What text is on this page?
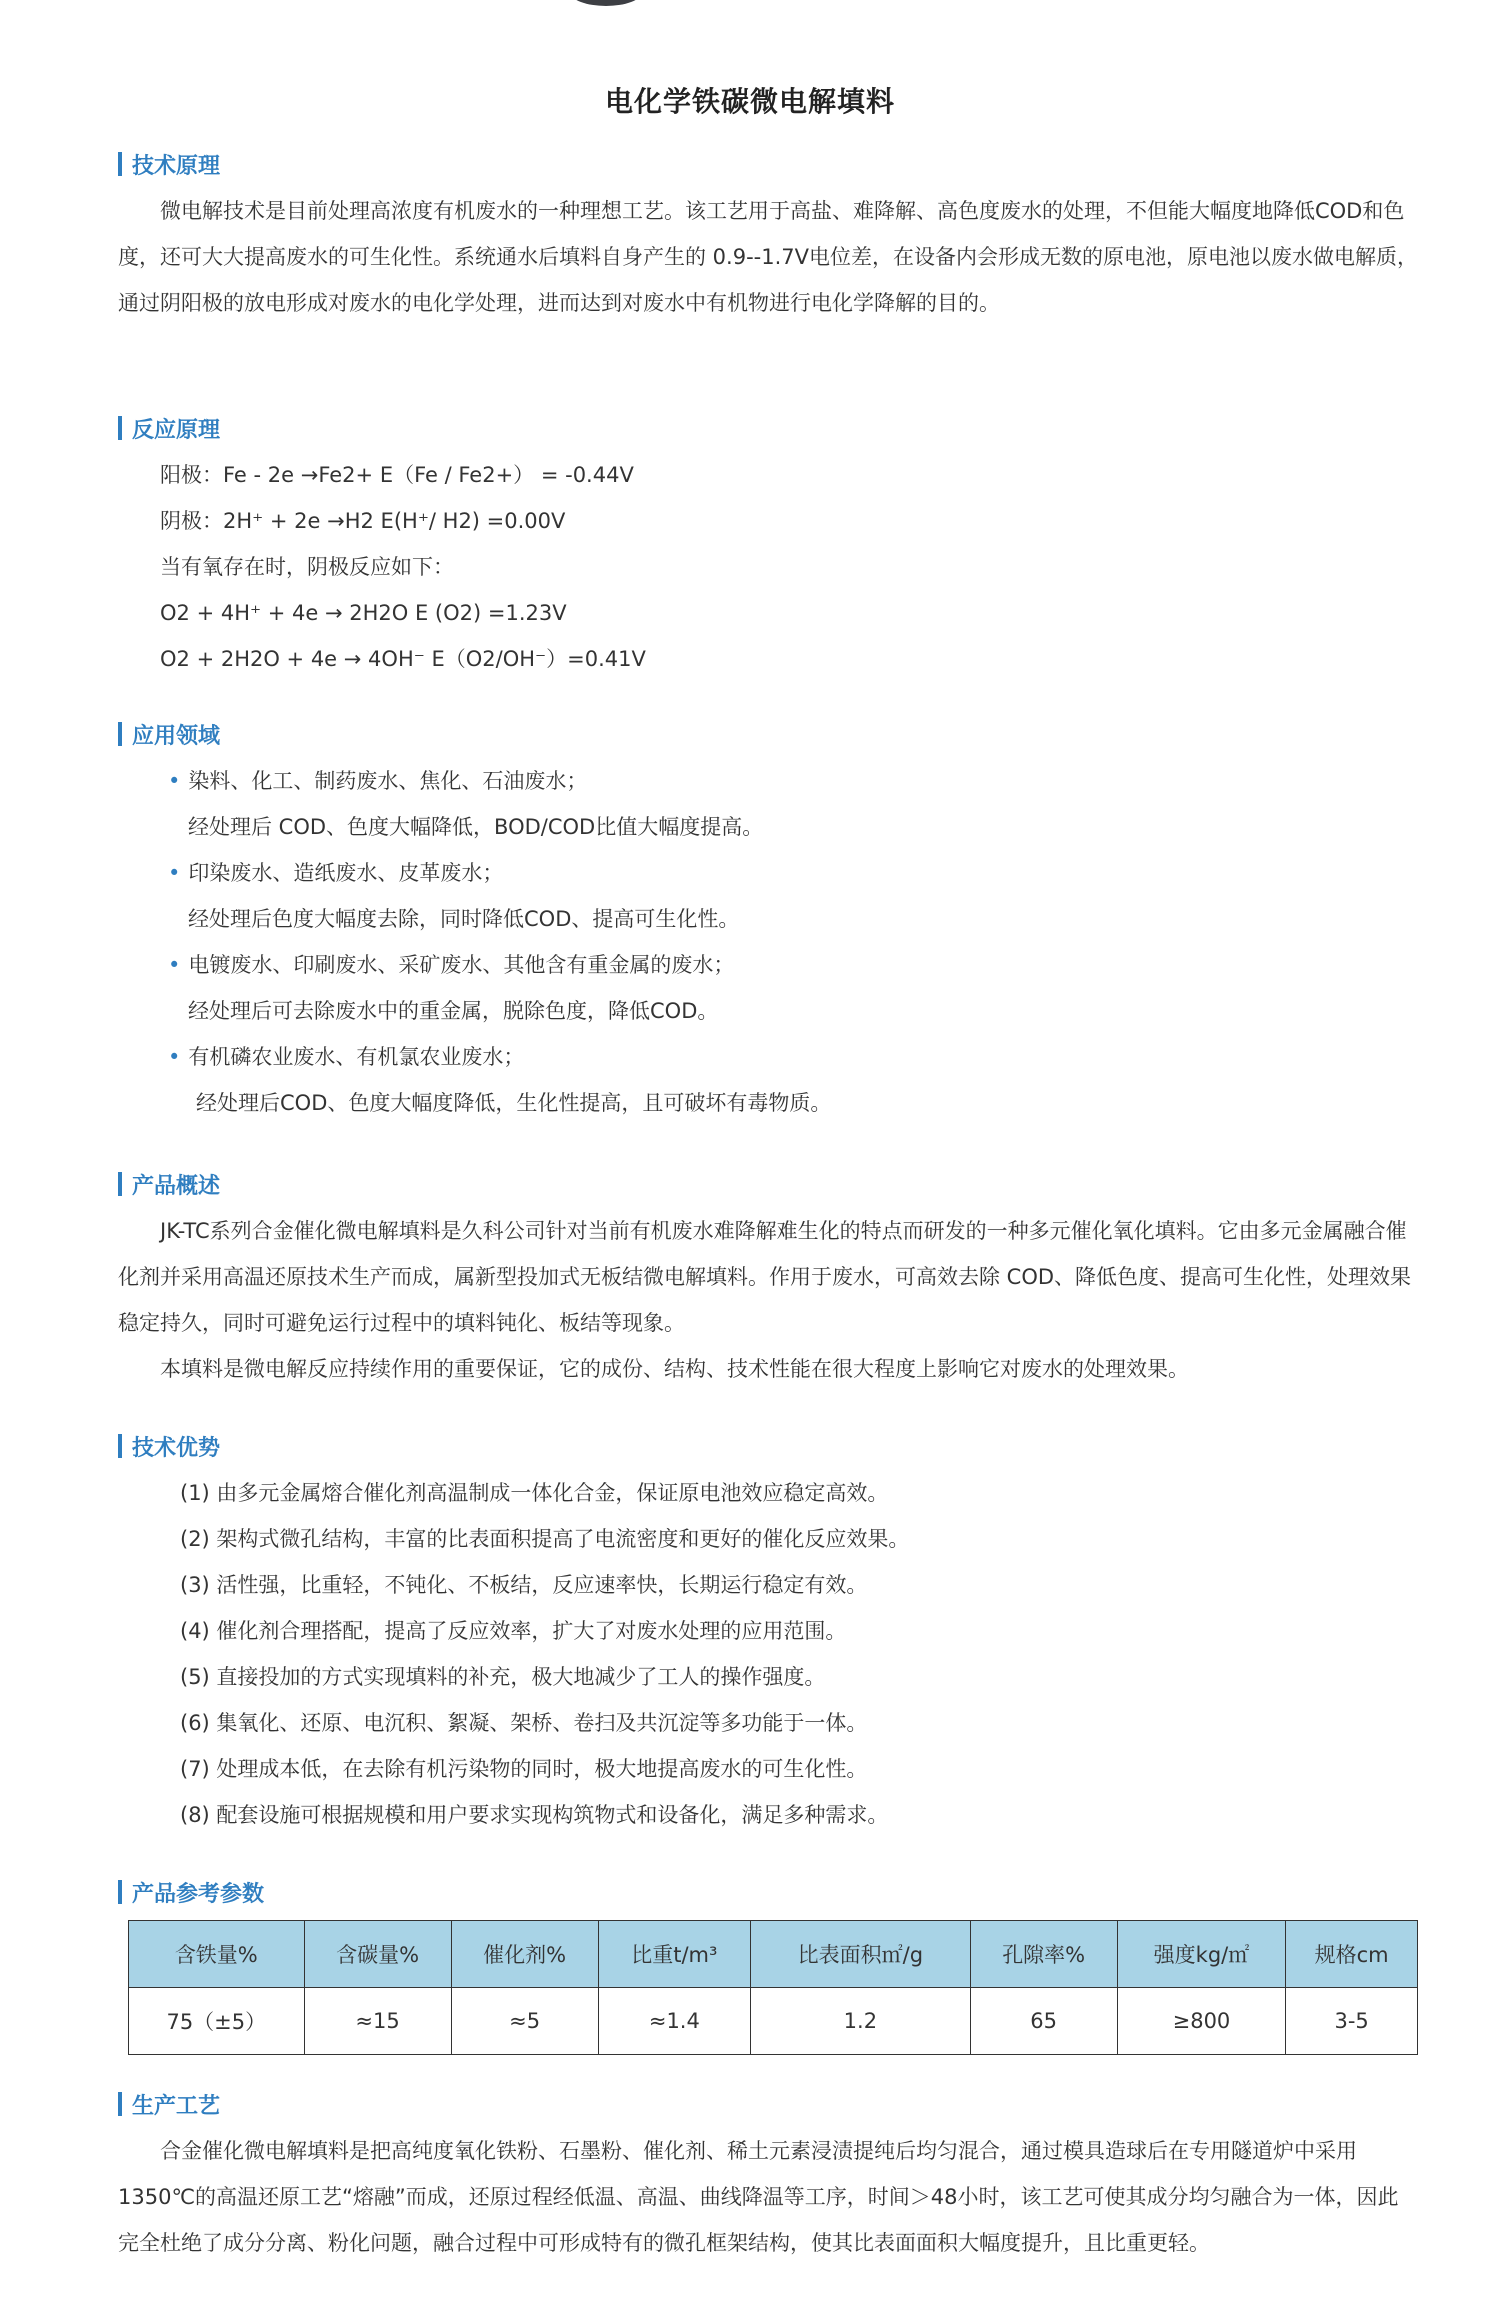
电化学铁碳微电解填料
技术原理

微电解技术是目前处理高浓度有机废水的一种理想工艺。该工艺用于高盐、难降解、高色度废水的处理，不但能大幅度地降低COD和色度，还可大大提高废水的可生化性。系统通水后填料自身产生的 0.9--1.7V电位差，在设备内会形成无数的原电池，原电池以废水做电解质，通过阴阳极的放电形成对废水的电化学处理，进而达到对废水中有机物进行电化学降解的目的。

反应原理
阳极：Fe - 2e →Fe2+ E（Fe / Fe2+） = -0.44V
阴极：2H⁺ + 2e →H2 E(H⁺/ H2) =0.00V
当有氧存在时，阴极反应如下：
O2 + 4H⁺ + 4e → 2H2O E (O2) =1.23V
O2 + 2H2O + 4e → 4OH⁻ E（O2/OH⁻）=0.41V
应用领域
• 染料、化工、制药废水、焦化、石油废水；
经处理后 COD、色度大幅降低，BOD/COD比值大幅度提高。
• 印染废水、造纸废水、皮革废水；
经处理后色度大幅度去除，同时降低COD、提高可生化性。
• 电镀废水、印刷废水、采矿废水、其他含有重金属的废水；
经处理后可去除废水中的重金属，脱除色度，降低COD。
• 有机磷农业废水、有机氯农业废水；
经处理后COD、色度大幅度降低，生化性提高，且可破坏有毒物质。
产品概述

JK-TC系列合金催化微电解填料是久科公司针对当前有机废水难降解难生化的特点而研发的一种多元催化氧化填料。它由多元金属融合催化剂并采用高温还原技术生产而成，属新型投加式无板结微电解填料。作用于废水，可高效去除 COD、降低色度、提高可生化性，处理效果稳定持久，同时可避免运行过程中的填料钝化、板结等现象。

本填料是微电解反应持续作用的重要保证，它的成份、结构、技术性能在很大程度上影响它对废水的处理效果。

技术优势
(1) 由多元金属熔合催化剂高温制成一体化合金，保证原电池效应稳定高效。
(2) 架构式微孔结构，丰富的比表面积提高了电流密度和更好的催化反应效果。
(3) 活性强，比重轻，不钝化、不板结，反应速率快，长期运行稳定有效。
(4) 催化剂合理搭配，提高了反应效率，扩大了对废水处理的应用范围。
(5) 直接投加的方式实现填料的补充，极大地减少了工人的操作强度。
(6) 集氧化、还原、电沉积、絮凝、架桥、卷扫及共沉淀等多功能于一体。
(7) 处理成本低，在去除有机污染物的同时，极大地提高废水的可生化性。
(8) 配套设施可根据规模和用户要求实现构筑物式和设备化，满足多种需求。
产品参考参数
含铁量%	含碳量%	催化剂%	比重t/m³	比表面积㎡/g	孔隙率%	强度kg/㎡	规格cm
75（±5）	≈15	≈5	≈1.4	1.2	65	≥800	3-5
生产工艺

合金催化微电解填料是把高纯度氧化铁粉、石墨粉、催化剂、稀土元素浸渍提纯后均匀混合，通过模具造球后在专用隧道炉中采用 1350℃的高温还原工艺“熔融”而成，还原过程经低温、高温、曲线降温等工序，时间＞48小时，该工艺可使其成分均匀融合为一体，因此完全杜绝了成分分离、粉化问题，融合过程中可形成特有的微孔框架结构，使其比表面面积大幅度提升，且比重更轻。
